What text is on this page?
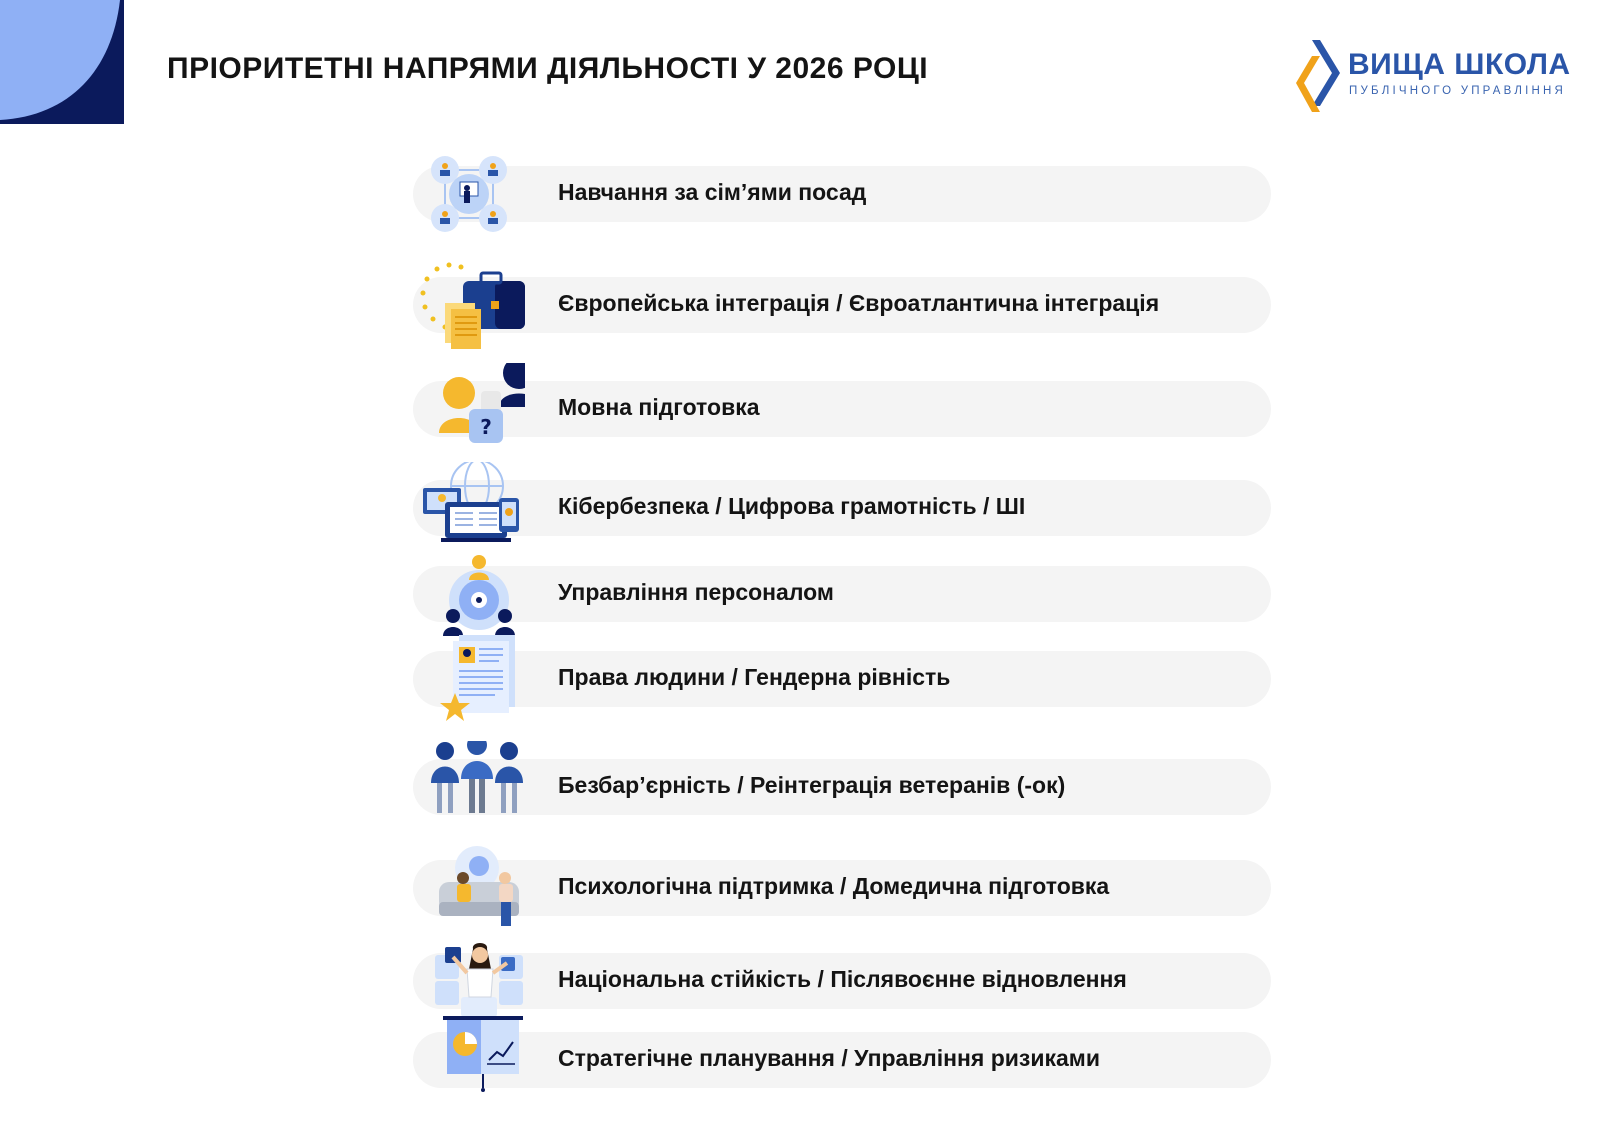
ПРІОРИТЕТНІ НАПРЯМИ ДІЯЛЬНОСТІ У 2026 РОЦІ	ВИЩА ШКОЛА
ПУБЛІЧНОГО УПРАВЛІННЯ
Навчання за сім’ями посад
Європейська інтеграція / Євроатлантична інтеграція
?
Мовна підготовка
Кібербезпека / Цифрова грамотність / ШІ
Управління персоналом
Права людини / Гендерна рівність
Безбар’єрність / Реінтеграція ветеранів (-ок)
Психологічна підтримка / Домедична підготовка
Національна стійкість / Післявоєнне відновлення
Стратегічне планування / Управління ризиками
